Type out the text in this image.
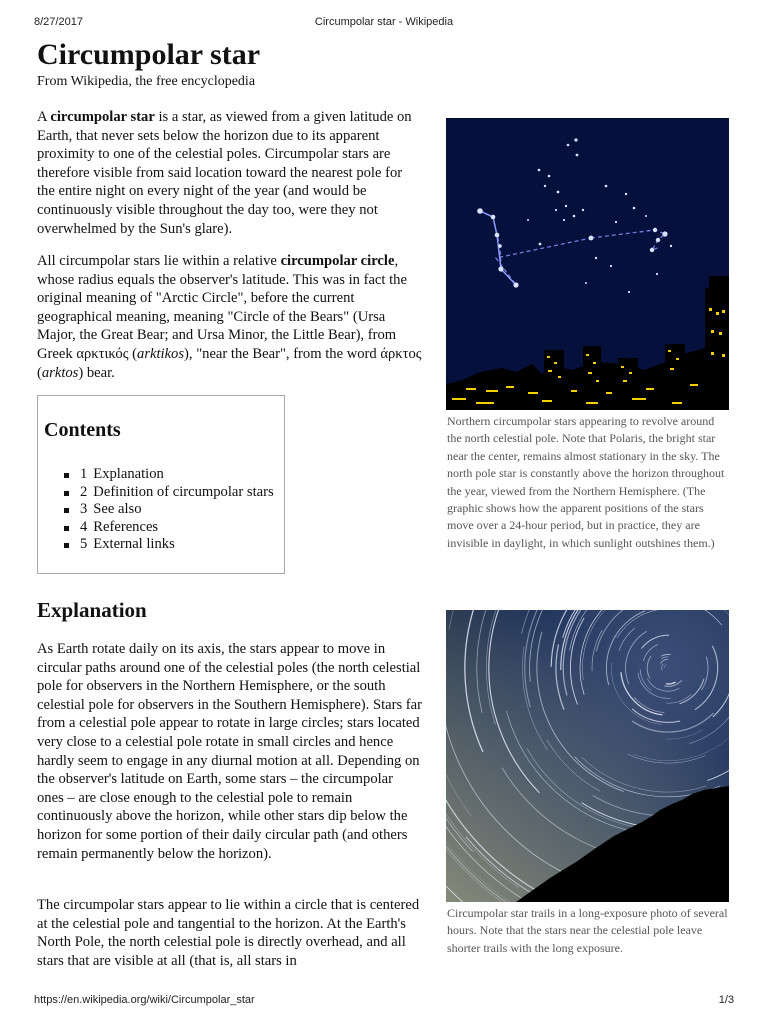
8/27/2017	Circumpolar star - Wikipedia
Circumpolar star
From Wikipedia, the free encyclopedia

A circumpolar star is a star, as viewed from a given latitude on Earth, that never sets below the horizon due to its apparent proximity to one of the celestial poles. Circumpolar stars are therefore visible from said location toward the nearest pole for the entire night on every night of the year (and would be continuously visible throughout the day too, were they not overwhelmed by the Sun's glare).

All circumpolar stars lie within a relative circumpolar circle, whose radius equals the observer's latitude. This was in fact the original meaning of "Arctic Circle", before the current geographical meaning, meaning "Circle of the Bears" (Ursa Major, the Great Bear; and Ursa Minor, the Little Bear), from Greek αρκτικός (arktikos), "near the Bear", from the word άρκτος (arktos) bear.

Contents
1 Explanation
2 Definition of circumpolar stars
3 See also
4 References
5 External links
Explanation

As Earth rotate daily on its axis, the stars appear to move in circular paths around one of the celestial poles (the north celestial pole for observers in the Northern Hemisphere, or the south celestial pole for observers in the Southern Hemisphere). Stars far from a celestial pole appear to rotate in large circles; stars located very close to a celestial pole rotate in small circles and hence hardly seem to engage in any diurnal motion at all. Depending on the observer's latitude on Earth, some stars – the circumpolar ones – are close enough to the celestial pole to remain continuously above the horizon, while other stars dip below the horizon for some portion of their daily circular path (and others remain permanently below the horizon).

The circumpolar stars appear to lie within a circle that is centered at the celestial pole and tangential to the horizon. At the Earth's North Pole, the north celestial pole is directly overhead, and all stars that are visible at all (that is, all stars in

Northern circumpolar stars appearing to revolve around the north celestial pole. Note that Polaris, the bright star near the center, remains almost stationary in the sky. The north pole star is constantly above the horizon throughout the year, viewed from the Northern Hemisphere. (The graphic shows how the apparent positions of the stars move over a 24-hour period, but in practice, they are invisible in daylight, in which sunlight outshines them.)
Circumpolar star trails in a long-exposure photo of several hours. Note that the stars near the celestial pole leave shorter trails with the long exposure.
https://en.wikipedia.org/wiki/Circumpolar_star	1/3
